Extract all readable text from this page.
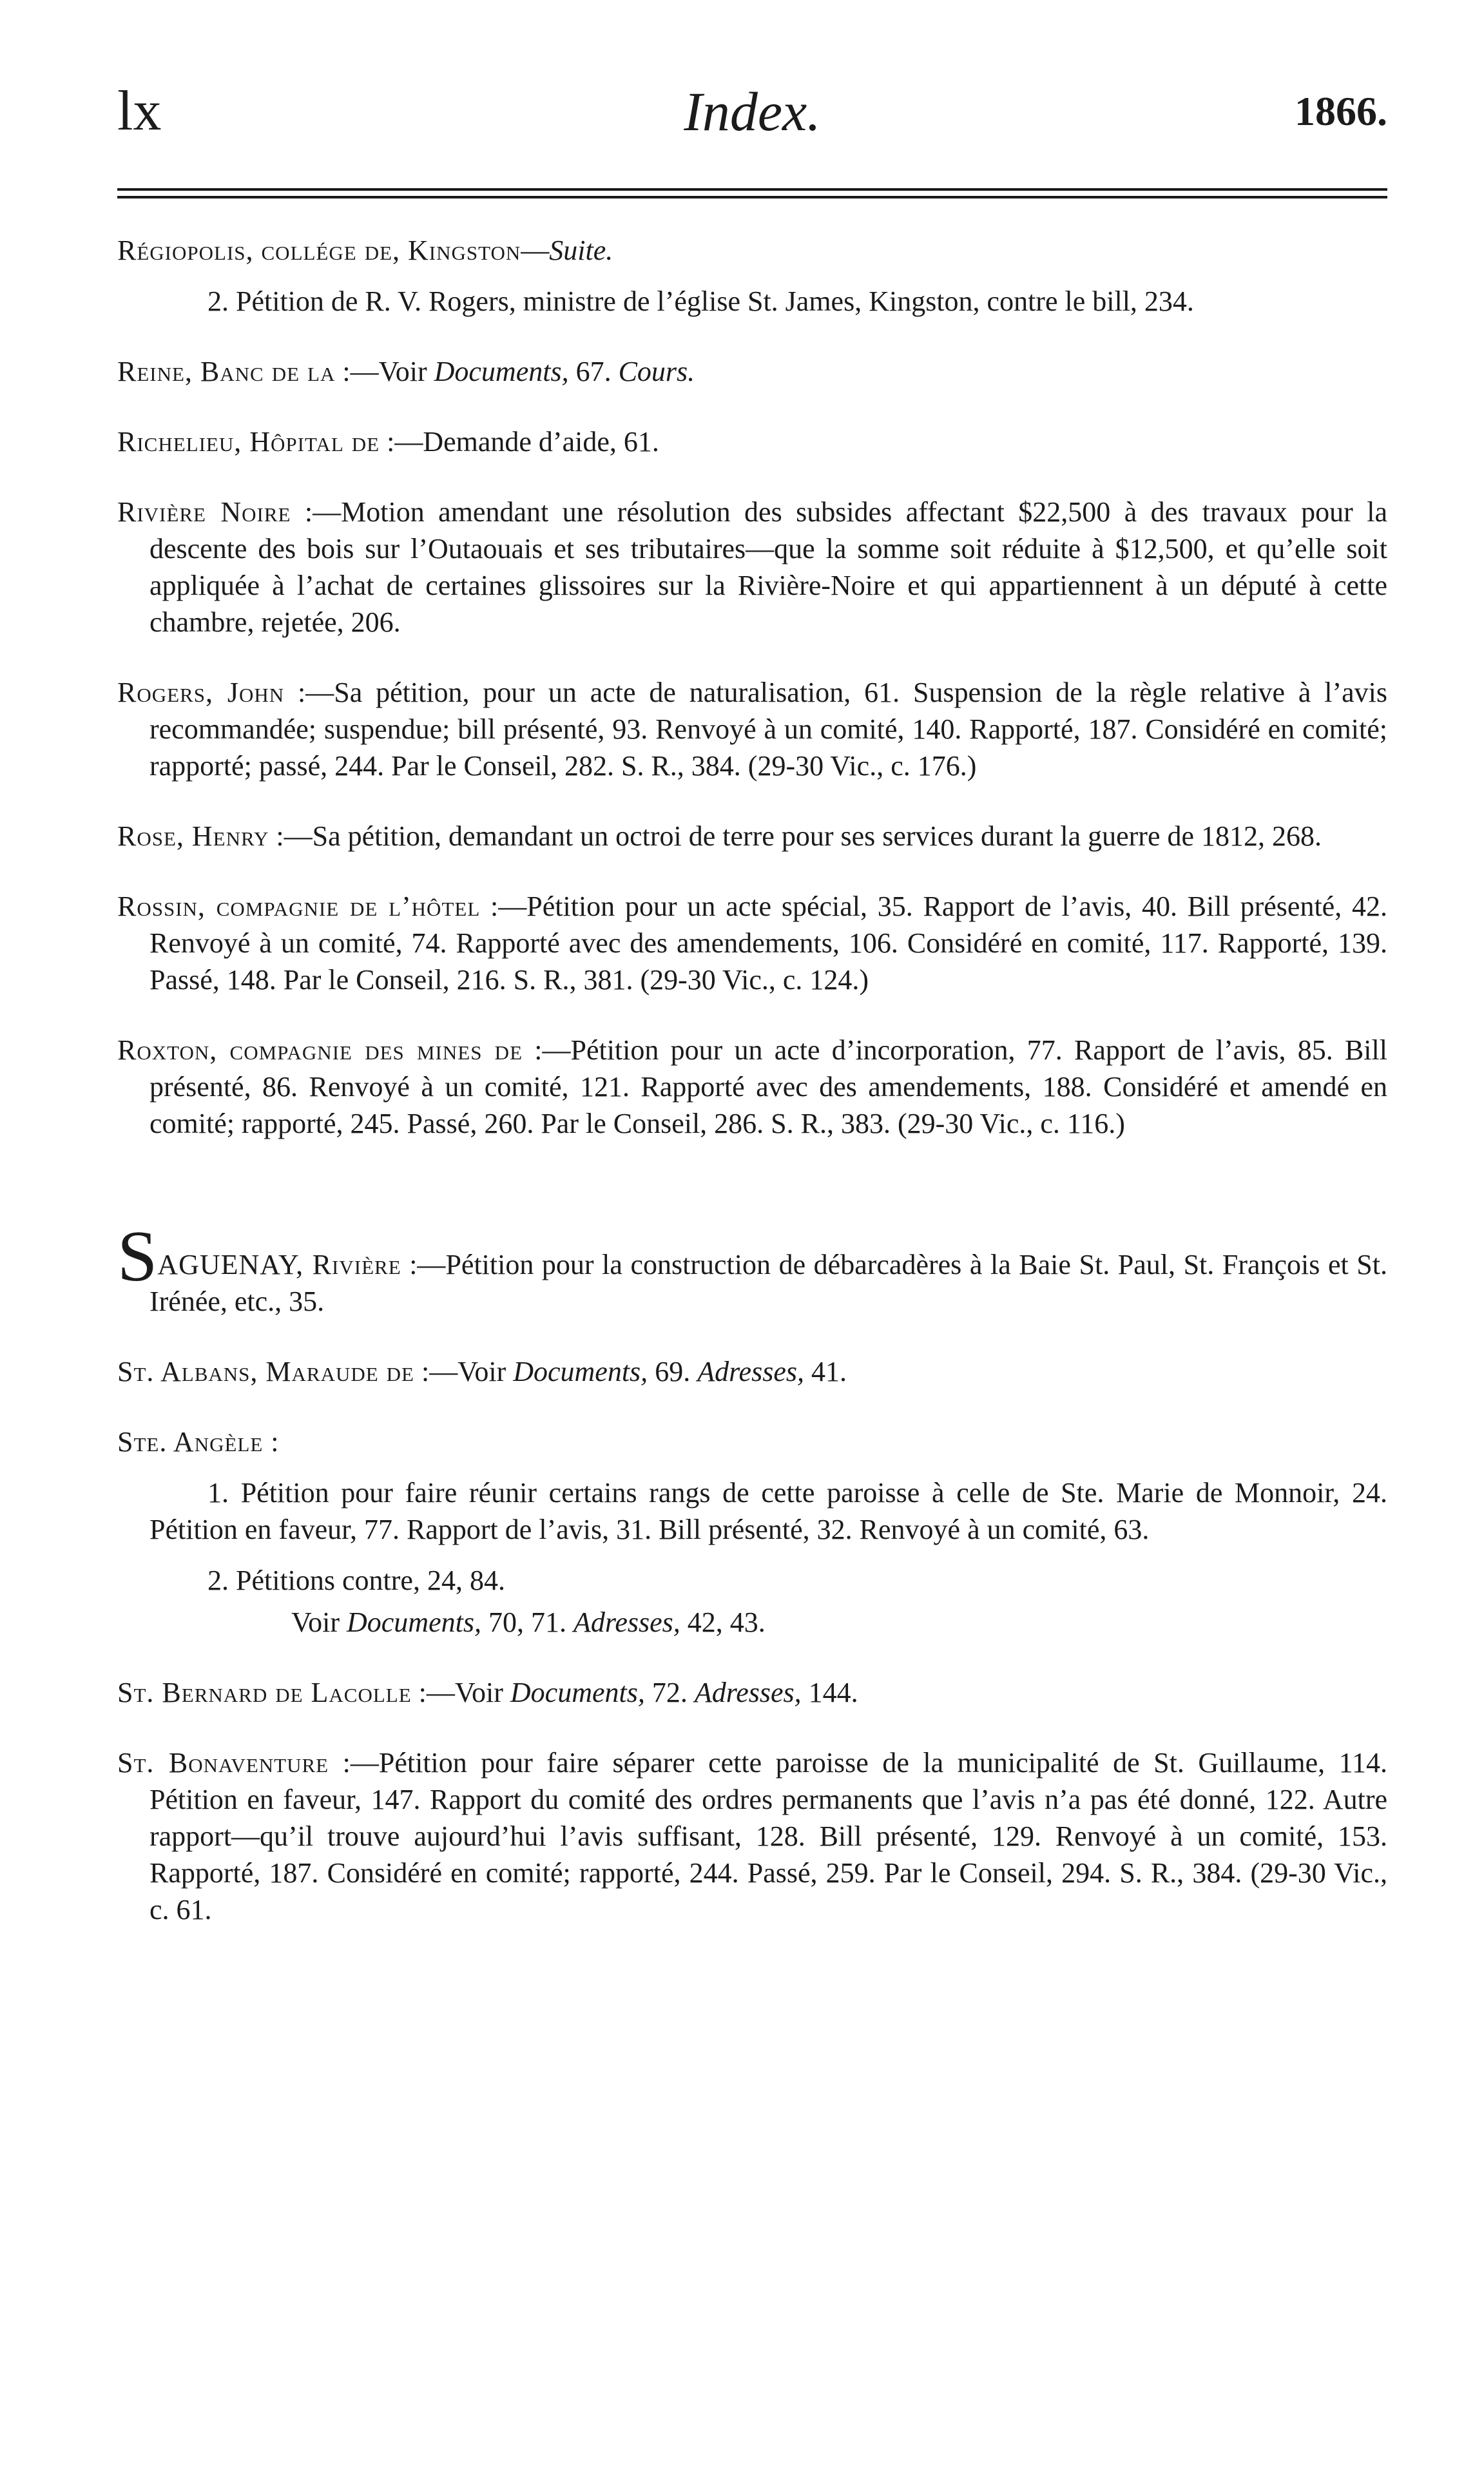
lx	Index.	1866.
Régiopolis, collége de, Kingston—Suite.
2. Pétition de R. V. Rogers, ministre de l’église St. James, Kingston, contre le bill, 234.
Reine, Banc de la :—Voir Documents, 67. Cours.
Richelieu, Hôpital de :—Demande d’aide, 61.
Rivière Noire :—Motion amendant une résolution des subsides affectant $22,500 à des travaux pour la descente des bois sur l’Outaouais et ses tributaires—que la somme soit réduite à $12,500, et qu’elle soit appliquée à l’achat de certaines glissoires sur la Rivière-Noire et qui appartiennent à un député à cette chambre, rejetée, 206.
Rogers, John :—Sa pétition, pour un acte de naturalisation, 61. Suspension de la règle relative à l’avis recommandée; suspendue; bill présenté, 93. Renvoyé à un comité, 140. Rapporté, 187. Considéré en comité; rapporté; passé, 244. Par le Conseil, 282. S. R., 384. (29-30 Vic., c. 176.)
Rose, Henry :—Sa pétition, demandant un octroi de terre pour ses services durant la guerre de 1812, 268.
Rossin, compagnie de l’hôtel :—Pétition pour un acte spécial, 35. Rapport de l’avis, 40. Bill présenté, 42. Renvoyé à un comité, 74. Rapporté avec des amendements, 106. Considéré en comité, 117. Rapporté, 139. Passé, 148. Par le Conseil, 216. S. R., 381. (29-30 Vic., c. 124.)
Roxton, compagnie des mines de :—Pétition pour un acte d’incorporation, 77. Rapport de l’avis, 85. Bill présenté, 86. Renvoyé à un comité, 121. Rapporté avec des amendements, 188. Considéré et amendé en comité; rapporté, 245. Passé, 260. Par le Conseil, 286. S. R., 383. (29-30 Vic., c. 116.)
SAGUENAY, Rivière :—Pétition pour la construction de débarcadères à la Baie St. Paul, St. François et St. Irénée, etc., 35.
St. Albans, Maraude de :—Voir Documents, 69. Adresses, 41.
Ste. Angèle :
1. Pétition pour faire réunir certains rangs de cette paroisse à celle de Ste. Marie de Monnoir, 24. Pétition en faveur, 77. Rapport de l’avis, 31. Bill présenté, 32. Renvoyé à un comité, 63.
2. Pétitions contre, 24, 84.
Voir Documents, 70, 71. Adresses, 42, 43.
St. Bernard de Lacolle :—Voir Documents, 72. Adresses, 144.
St. Bonaventure :—Pétition pour faire séparer cette paroisse de la municipalité de St. Guillaume, 114. Pétition en faveur, 147. Rapport du comité des ordres permanents que l’avis n’a pas été donné, 122. Autre rapport—qu’il trouve aujourd’hui l’avis suffisant, 128. Bill présenté, 129. Renvoyé à un comité, 153. Rapporté, 187. Considéré en comité; rapporté, 244. Passé, 259. Par le Conseil, 294. S. R., 384. (29-30 Vic., c. 61.
